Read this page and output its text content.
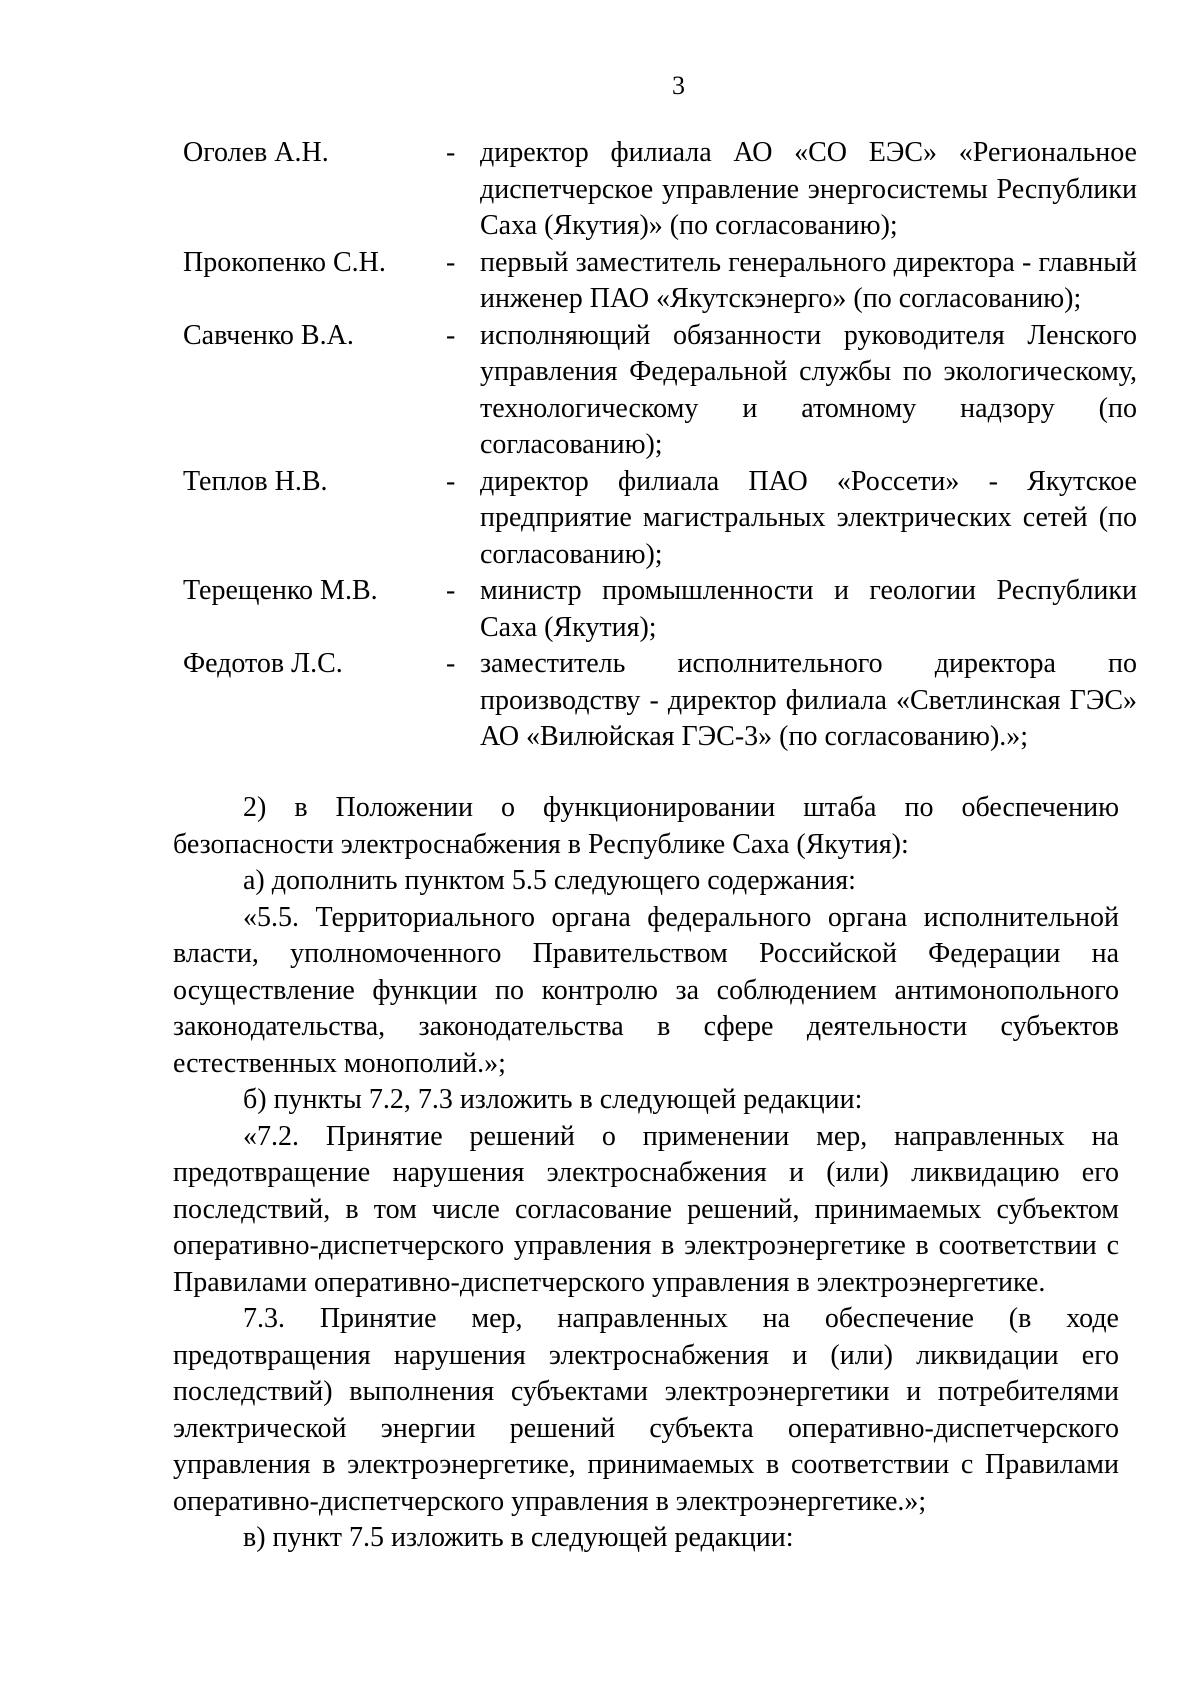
3
Оголев А.Н.	- директор филиала АО «СО ЕЭС» «Региональное диспетчерское управление энергосистемы Республики Саха (Якутия)» (по согласованию);
Прокопенко С.Н.	- первый заместитель генерального директора - главный инженер ПАО «Якутскэнерго» (по согласованию);
Савченко В.А.	- исполняющий обязанности руководителя Ленского управления Федеральной службы по экологическому, технологическому и атомному надзору (по согласованию);
Теплов Н.В.	- директор филиала ПАО «Россети» - Якутское предприятие магистральных электрических сетей (по согласованию);
Терещенко М.В.	- министр промышленности и геологии Республики Саха (Якутия);
Федотов Л.С.	- заместитель исполнительного директора по производству - директор филиала «Светлинская ГЭС» АО «Вилюйская ГЭС-3» (по согласованию).»;

2) в Положении о функционировании штаба по обеспечению безопасности электроснабжения в Республике Саха (Якутия):

а) дополнить пунктом 5.5 следующего содержания:

«5.5. Территориального органа федерального органа исполнительной власти, уполномоченного Правительством Российской Федерации на осуществление функции по контролю за соблюдением антимонопольного законодательства, законодательства в сфере деятельности субъектов естественных монополий.»;

б) пункты 7.2, 7.3 изложить в следующей редакции:

«7.2. Принятие решений о применении мер, направленных на предотвращение нарушения электроснабжения и (или) ликвидацию его последствий, в том числе согласование решений, принимаемых субъектом оперативно-диспетчерского управления в электроэнергетике в соответствии с Правилами оперативно-диспетчерского управления в электроэнергетике.

7.3. Принятие мер, направленных на обеспечение (в ходе предотвращения нарушения электроснабжения и (или) ликвидации его последствий) выполнения субъектами электроэнергетики и потребителями электрической энергии решений субъекта оперативно-диспетчерского управления в электроэнергетике, принимаемых в соответствии с Правилами оперативно-диспетчерского управления в электроэнергетике.»;

в) пункт 7.5 изложить в следующей редакции:
